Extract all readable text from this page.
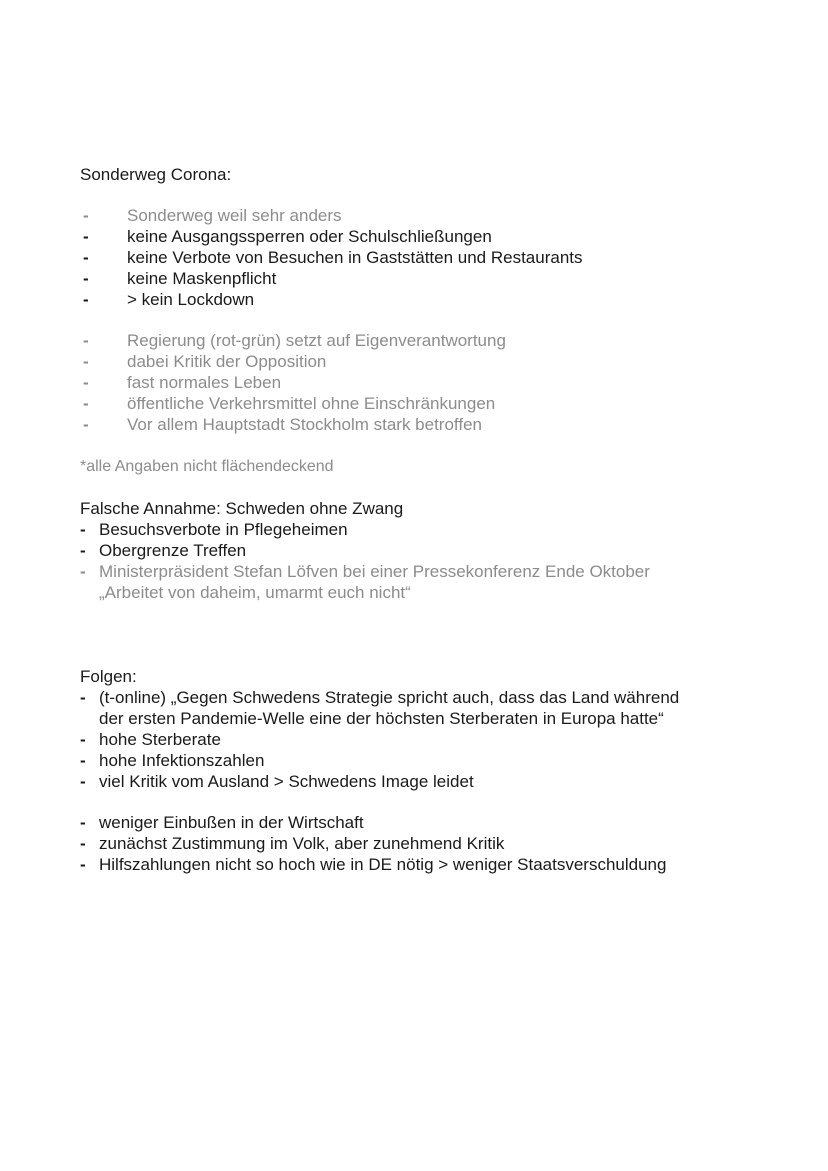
Sonderweg Corona:
- Sonderweg weil sehr anders
- keine Ausgangssperren oder Schulschließungen
- keine Verbote von Besuchen in Gaststätten und Restaurants
- keine Maskenpflicht
- > kein Lockdown
- Regierung (rot-grün) setzt auf Eigenverantwortung
- dabei Kritik der Opposition
- fast normales Leben
- öffentliche Verkehrsmittel ohne Einschränkungen
- Vor allem Hauptstadt Stockholm stark betroffen
*alle Angaben nicht flächendeckend
Falsche Annahme: Schweden ohne Zwang
- Besuchsverbote in Pflegeheimen
- Obergrenze Treffen
- Ministerpräsident Stefan Löfven bei einer Pressekonferenz Ende Oktober
„Arbeitet von daheim, umarmt euch nicht“
Folgen:
- (t-online) „Gegen Schwedens Strategie spricht auch, dass das Land während
der ersten Pandemie-Welle eine der höchsten Sterberaten in Europa hatte“
- hohe Sterberate
- hohe Infektionszahlen
- viel Kritik vom Ausland > Schwedens Image leidet
- weniger Einbußen in der Wirtschaft
- zunächst Zustimmung im Volk, aber zunehmend Kritik
- Hilfszahlungen nicht so hoch wie in DE nötig > weniger Staatsverschuldung
